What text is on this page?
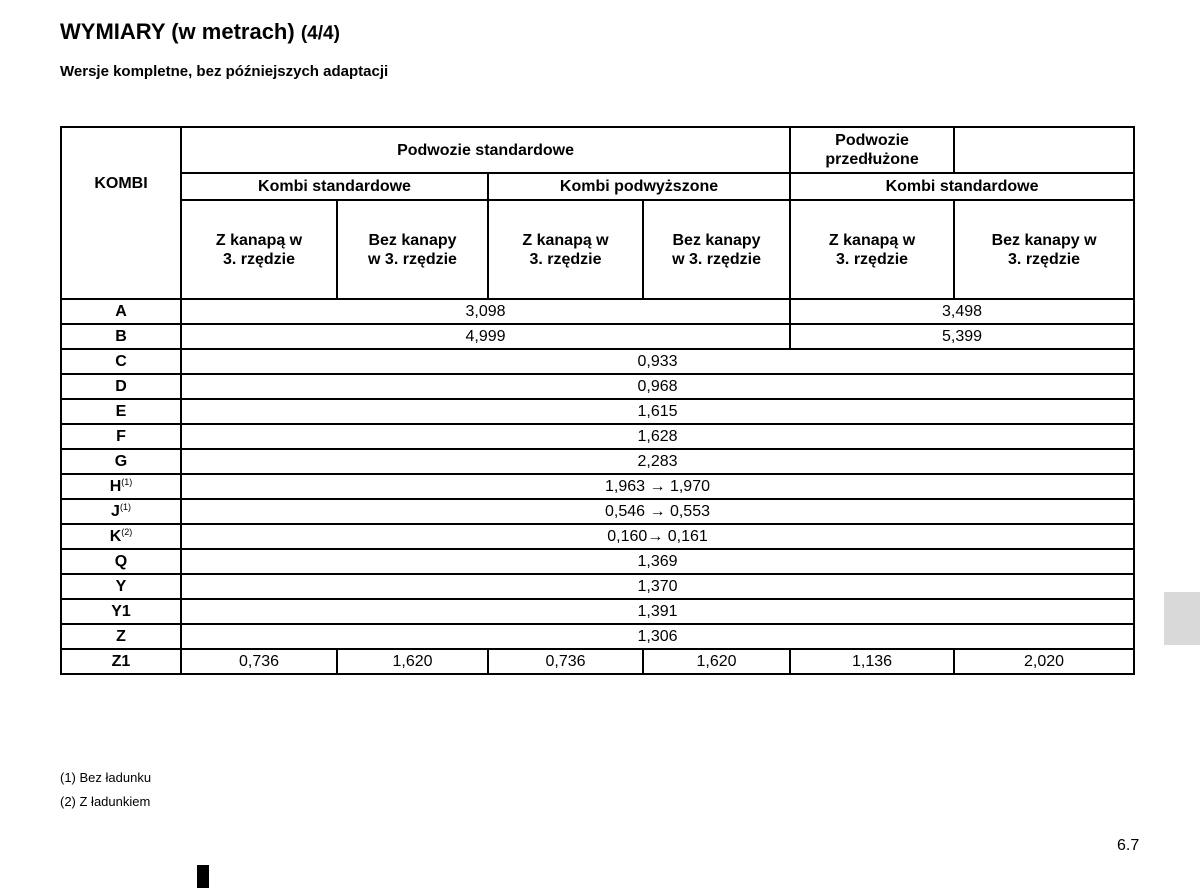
WYMIARY (w metrach) (4/4)
Wersje kompletne, bez późniejszych adaptacji
KOMBI	Podwozie standardowe				Podwozie
przedłużone	
	Kombi standardowe		Kombi podwyższone		Kombi standardowe	
	Z kanapą w
3. rzędzie	Bez kanapy
w 3. rzędzie	Z kanapą w
3. rzędzie	Bez kanapy
w 3. rzędzie	Z kanapą w
3. rzędzie	Bez kanapy w
3. rzędzie
A	3,098				3,498	
B	4,999				5,399	
C	0,933					
D	0,968					
E	1,615					
F	1,628					
G	2,283					
$H^{(1)}$	1,963 → 1,970					
$J^{(1)}$	0,546 → 0,553					
$K^{(2)}$	0,160→ 0,161					
Q	1,369					
Y	1,370					
Y1	1,391					
Z	1,306					
Z1	0,736	1,620	0,736	1,620	1,136	2,020
(1) Bez ładunku
(2) Z ładunkiem
6.7
